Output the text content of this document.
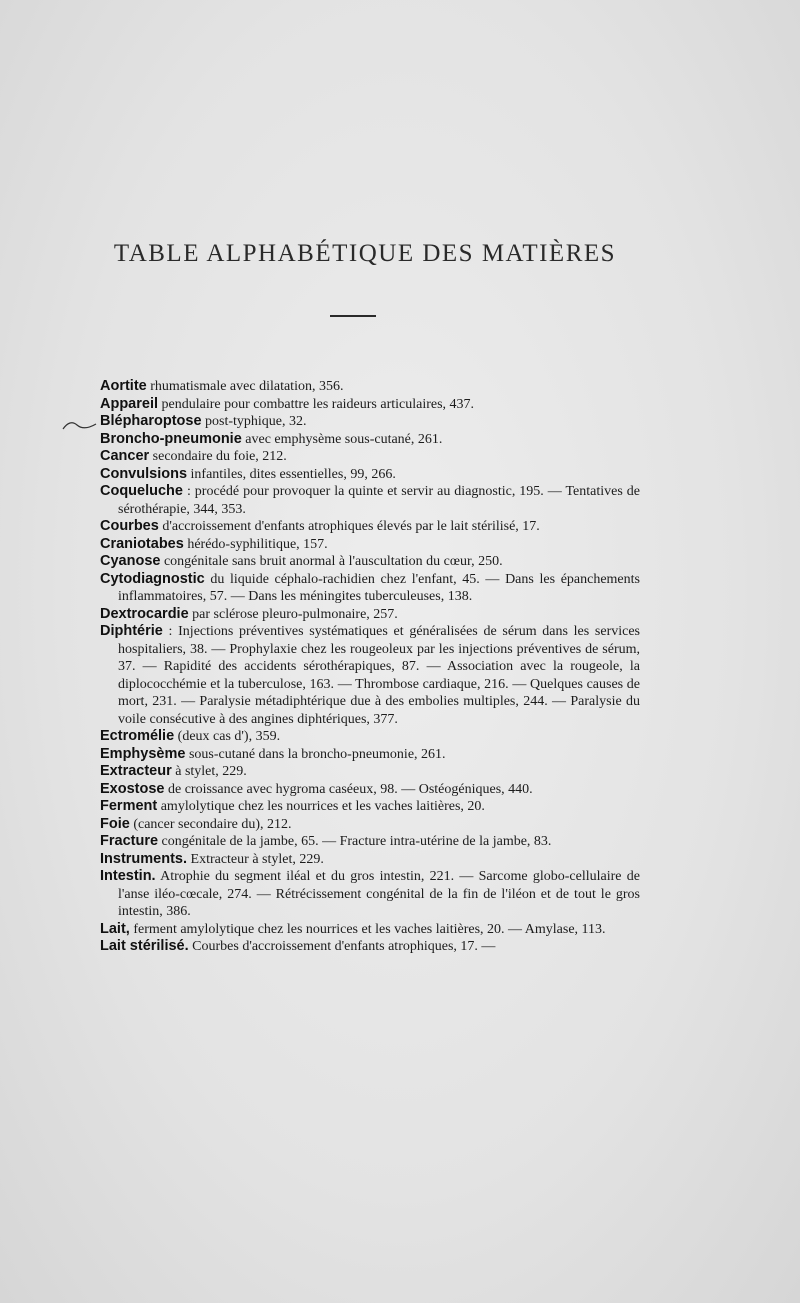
TABLE ALPHABÉTIQUE DES MATIÈRES
Aortite rhumatismale avec dilatation, 356.
Appareil pendulaire pour combattre les raideurs articulaires, 437.
Blépharoptose post-typhique, 32.
Broncho-pneumonie avec emphysème sous-cutané, 261.
Cancer secondaire du foie, 212.
Convulsions infantiles, dites essentielles, 99, 266.
Coqueluche : procédé pour provoquer la quinte et servir au diagnostic, 195. — Tentatives de sérothérapie, 344, 353.
Courbes d'accroissement d'enfants atrophiques élevés par le lait stérilisé, 17.
Craniotabes hérédo-syphilitique, 157.
Cyanose congénitale sans bruit anormal à l'auscultation du cœur, 250.
Cytodiagnostic du liquide céphalo-rachidien chez l'enfant, 45. — Dans les épanchements inflammatoires, 57. — Dans les méningites tuberculeuses, 138.
Dextrocardie par sclérose pleuro-pulmonaire, 257.
Diphtérie : Injections préventives systématiques et généralisées de sérum dans les services hospitaliers, 38. — Prophylaxie chez les rougeoleux par les injections préventives de sérum, 37. — Rapidité des accidents sérothérapiques, 87. — Association avec la rougeole, la diplococchémie et la tuberculose, 163. — Thrombose cardiaque, 216. — Quelques causes de mort, 231. — Paralysie métadiphtérique due à des embolies multiples, 244. — Paralysie du voile consécutive à des angines diphtériques, 377.
Ectromélie (deux cas d'), 359.
Emphysème sous-cutané dans la broncho-pneumonie, 261.
Extracteur à stylet, 229.
Exostose de croissance avec hygroma caséeux, 98. — Ostéogéniques, 440.
Ferment amylolytique chez les nourrices et les vaches laitières, 20.
Foie (cancer secondaire du), 212.
Fracture congénitale de la jambe, 65. — Fracture intra-utérine de la jambe, 83.
Instruments. Extracteur à stylet, 229.
Intestin. Atrophie du segment iléal et du gros intestin, 221. — Sarcome globo-cellulaire de l'anse iléo-cœcale, 274. — Rétrécissement congénital de la fin de l'iléon et de tout le gros intestin, 386.
Lait, ferment amylolytique chez les nourrices et les vaches laitières, 20. — Amylase, 113.
Lait stérilisé. Courbes d'accroissement d'enfants atrophiques, 17. —
